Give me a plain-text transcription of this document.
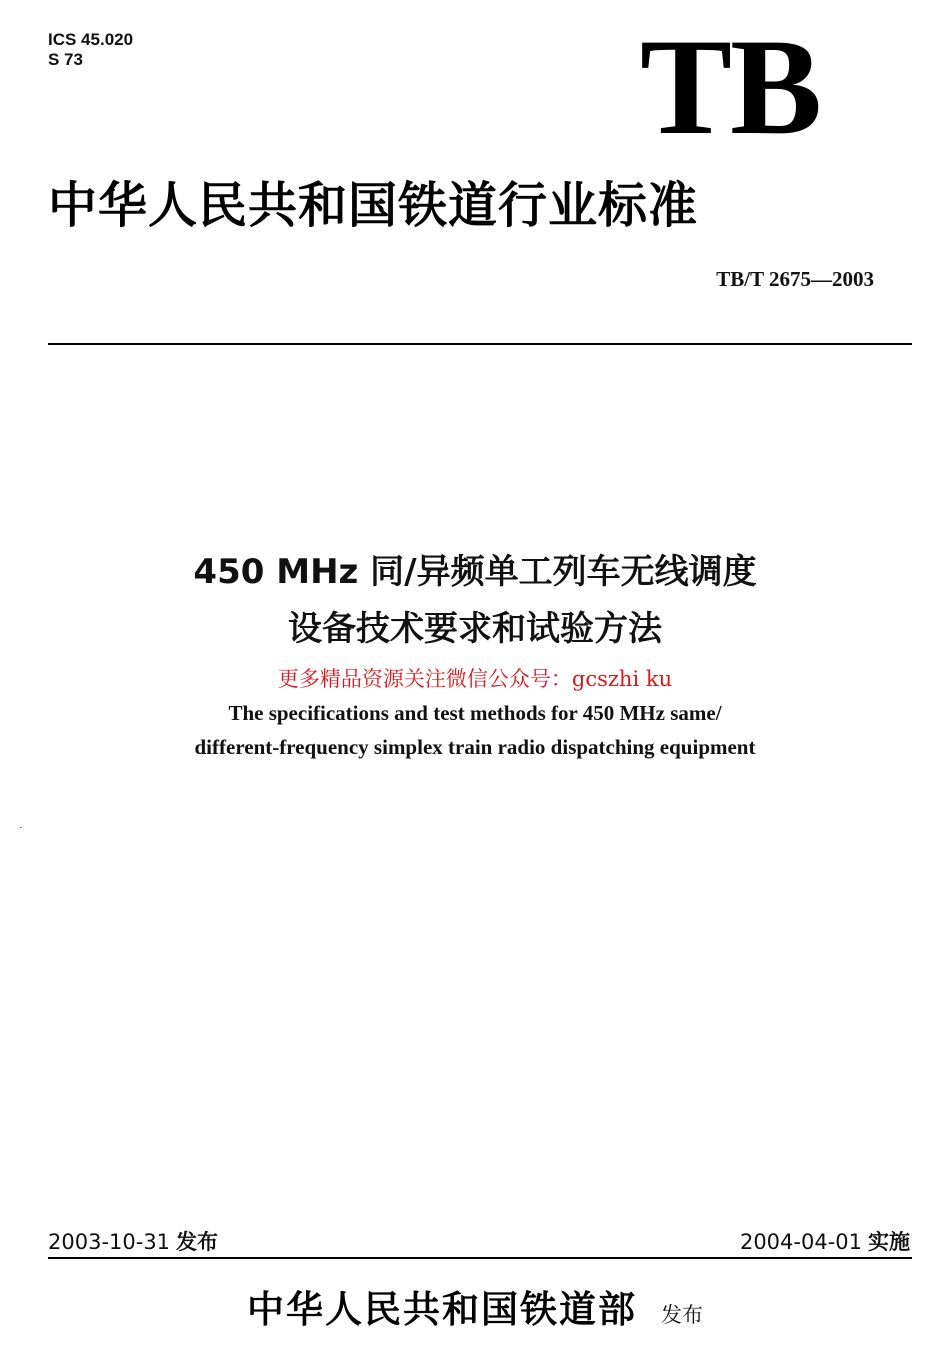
ICS 45.020
S 73	TB
中华人民共和国铁道行业标准
TB/T 2675—2003
450 MHz 同/异频单工列车无线调度
设备技术要求和试验方法
更多精品资源关注微信公众号：gcszhi ku
The specifications and test methods for 450 MHz same/
different-frequency simplex train radio dispatching equipment
2003-10-31 发布	2004-04-01 实施
中华人民共和国铁道部 发布
